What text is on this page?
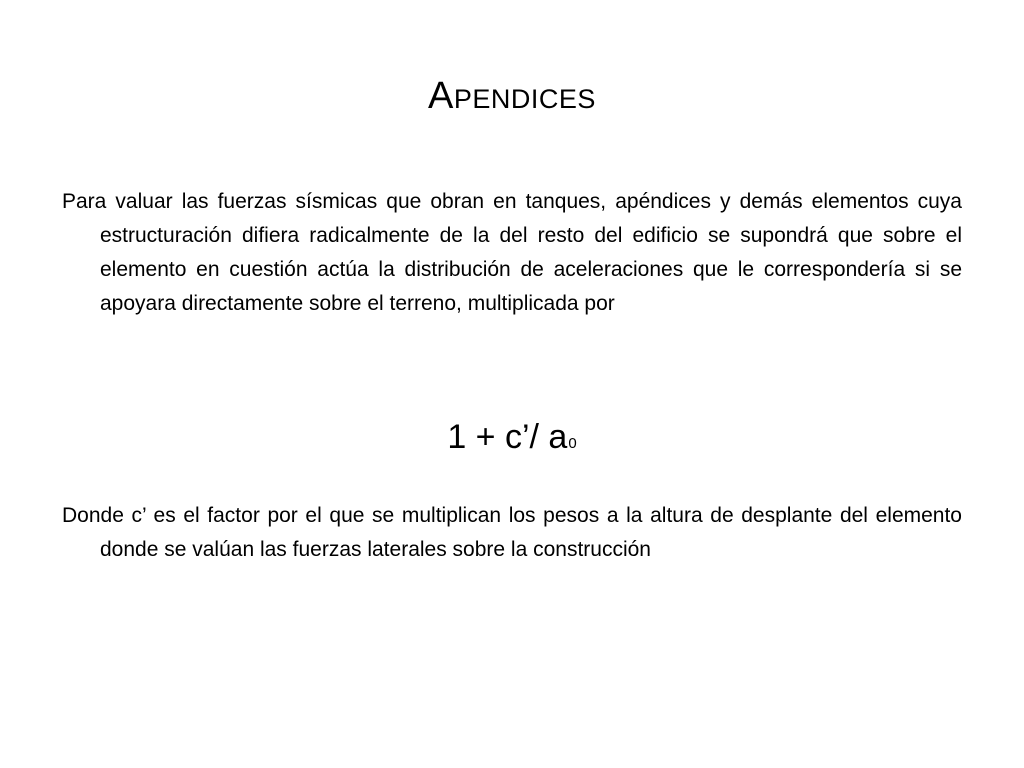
Apendices

Para valuar las fuerzas sísmicas que obran en tanques, apéndices y demás elementos cuya estructuración difiera radicalmente de la del resto del edificio se supondrá que sobre el elemento en cuestión actúa la distribución de aceleraciones que le correspondería si se apoyara directamente sobre el terreno, multiplicada por

1 + c’/ a0

Donde c’ es el factor por el que se multiplican los pesos a la altura de desplante del elemento donde se valúan las fuerzas laterales sobre la construcción
